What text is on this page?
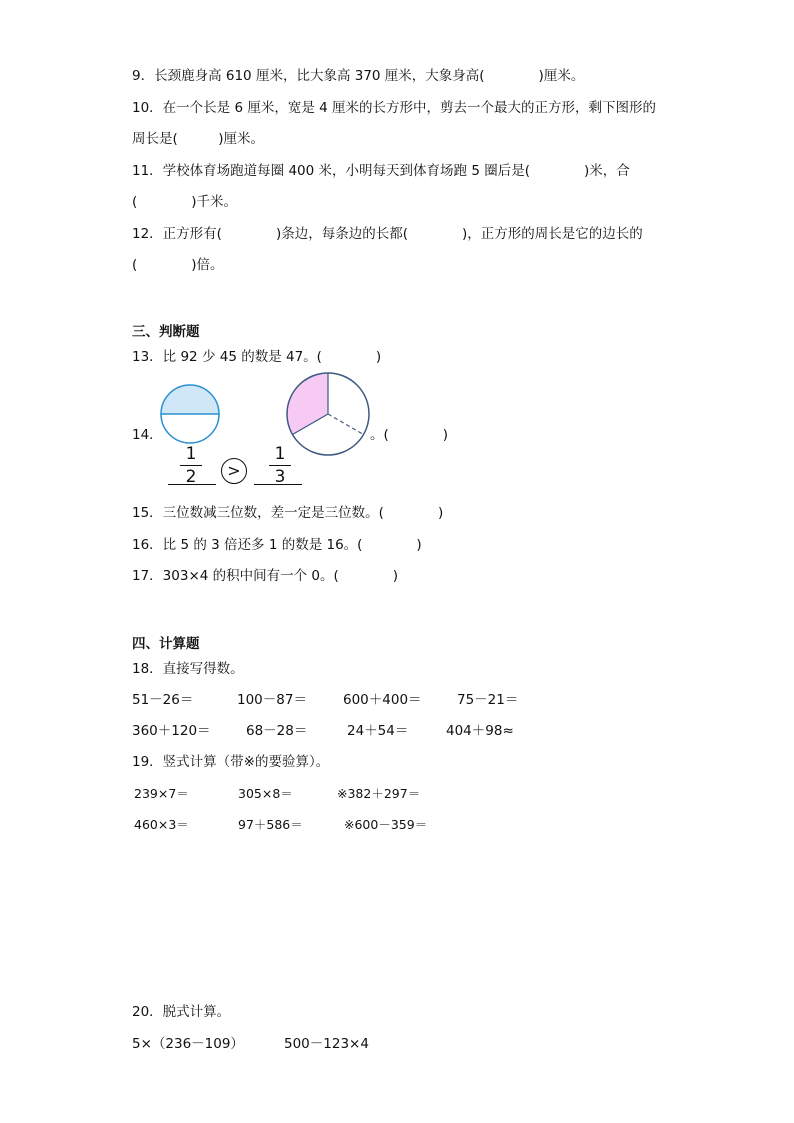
9．长颈鹿身高 610 厘米，比大象高 370 厘米，大象身高(　　　　)厘米。
10．在一个长是 6 厘米，宽是 4 厘米的长方形中，剪去一个最大的正方形，剩下图形的
周长是(　　　)厘米。
11．学校体育场跑道每圈 400 米，小明每天到体育场跑 5 圈后是(　　　　)米，合
(　　　　)千米。
12．正方形有(　　　　)条边，每条边的长都(　　　　)，正方形的周长是它的边长的
(　　　　)倍。
三、判断题
13．比 92 少 45 的数是 47。(　　　　)
14．	。(　　　　)
1
2	>
1
3
15．三位数减三位数，差一定是三位数。(　　　　)
16．比 5 的 3 倍还多 1 的数是 16。(　　　　)
17．303×4 的积中间有一个 0。(　　　　)
四、计算题
18．直接写得数。
51－26＝	100－87＝	600＋400＝	75－21＝
360＋120＝	68－28＝	24＋54＝	404＋98≈
19．竖式计算（带※的要验算）。
239×7＝	305×8＝	※382＋297＝
460×3＝	97＋586＝	※600－359＝
20．脱式计算。
5×（236－109）	500－123×4
